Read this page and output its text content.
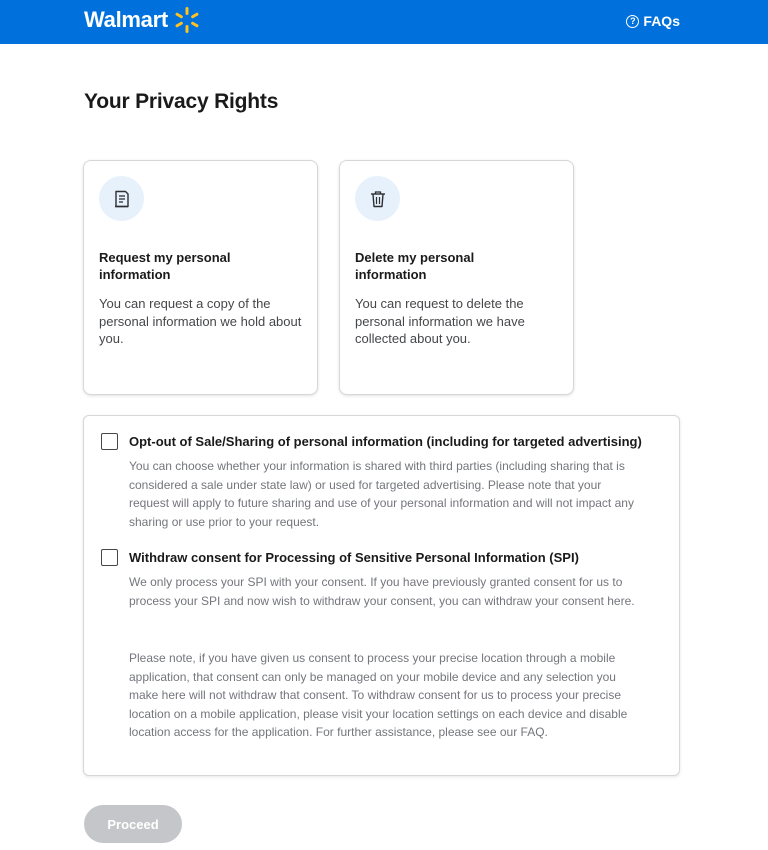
Walmart	? FAQs
Your Privacy Rights
Request my personal information
You can request a copy of the personal information we hold about you.
Delete my personal information
You can request to delete the personal information we have collected about you.
Opt-out of Sale/Sharing of personal information (including for targeted advertising)

You can choose whether your information is shared with third parties (including sharing that is considered a sale under state law) or used for targeted advertising. Please note that your request will apply to future sharing and use of your personal information and will not impact any sharing or use prior to your request.

Withdraw consent for Processing of Sensitive Personal Information (SPI)

We only process your SPI with your consent. If you have previously granted consent for us to process your SPI and now wish to withdraw your consent, you can withdraw your consent here.

Please note, if you have given us consent to process your precise location through a mobile application, that consent can only be managed on your mobile device and any selection you make here will not withdraw that consent. To withdraw consent for us to process your precise location on a mobile application, please visit your location settings on each device and disable location access for the application. For further assistance, please see our FAQ.

Proceed
